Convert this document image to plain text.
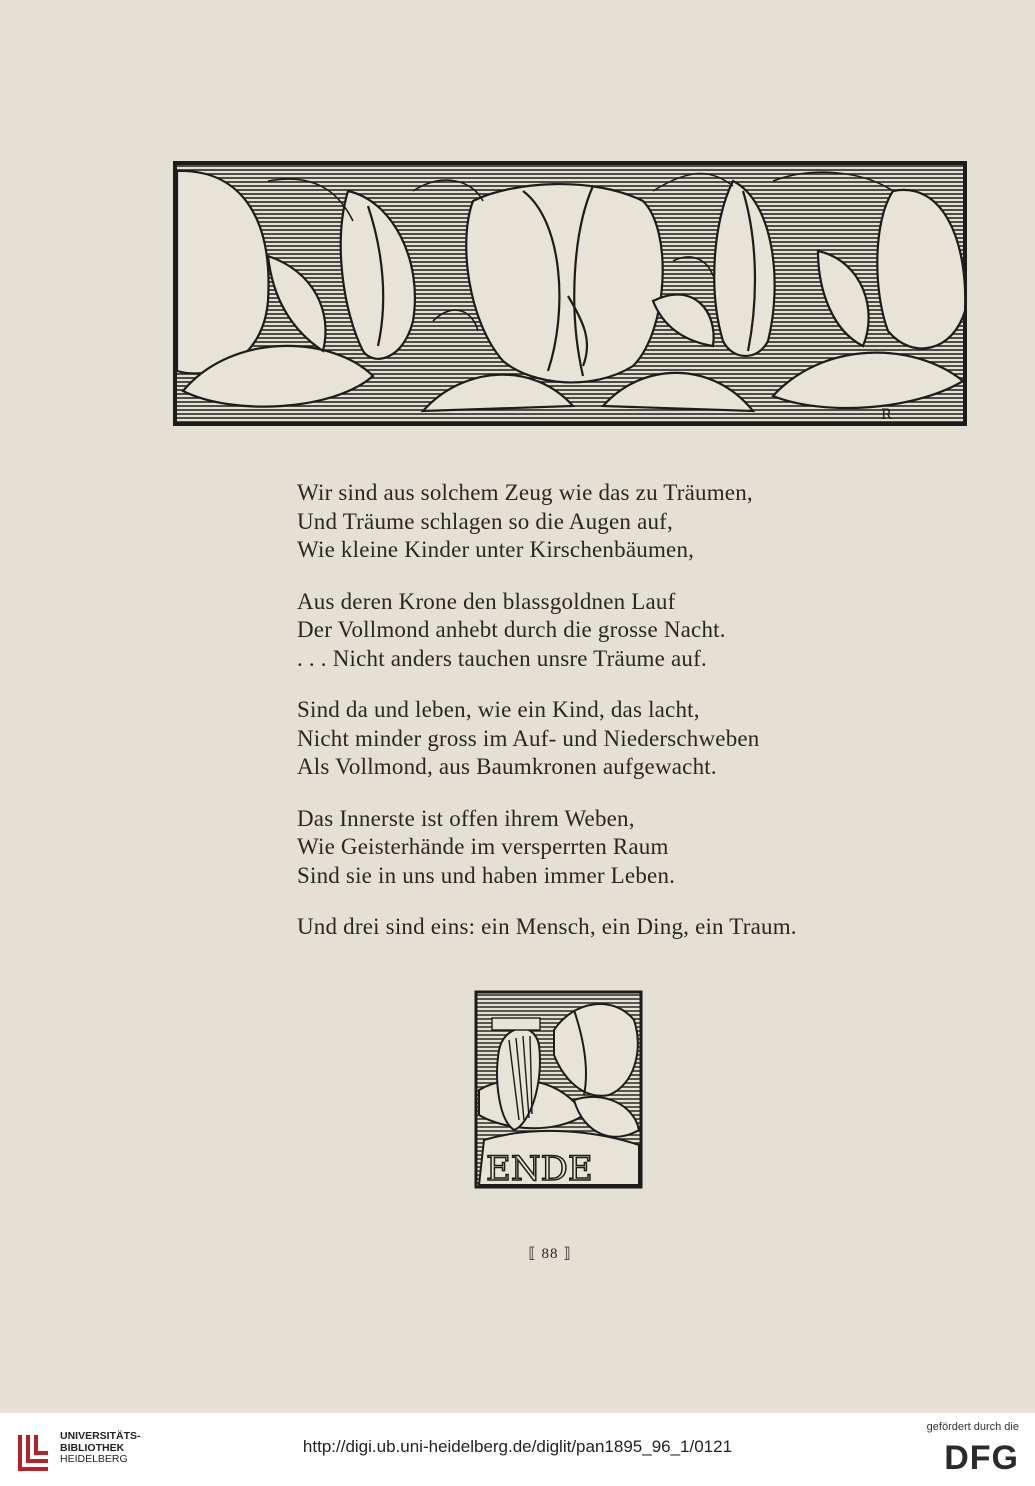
R
Wir sind aus solchem Zeug wie das zu Träumen,
Und Träume schlagen so die Augen auf,
Wie kleine Kinder unter Kirschenbäumen,
Aus deren Krone den blassgoldnen Lauf
Der Vollmond anhebt durch die grosse Nacht.
. . . Nicht anders tauchen unsre Träume auf.
Sind da und leben, wie ein Kind, das lacht,
Nicht minder gross im Auf- und Niederschweben
Als Vollmond, aus Baumkronen aufgewacht.
Das Innerste ist offen ihrem Weben,
Wie Geisterhände im versperrten Raum
Sind sie in uns und haben immer Leben.
Und drei sind eins: ein Mensch, ein Ding, ein Traum.
ENDE
⟦ 88 ⟧
UNIVERSITÄTS-
BIBLIOTHEK
HEIDELBERG
http://digi.ub.uni-heidelberg.de/diglit/pan1895_96_1/0121
gefördert durch die
DFG
